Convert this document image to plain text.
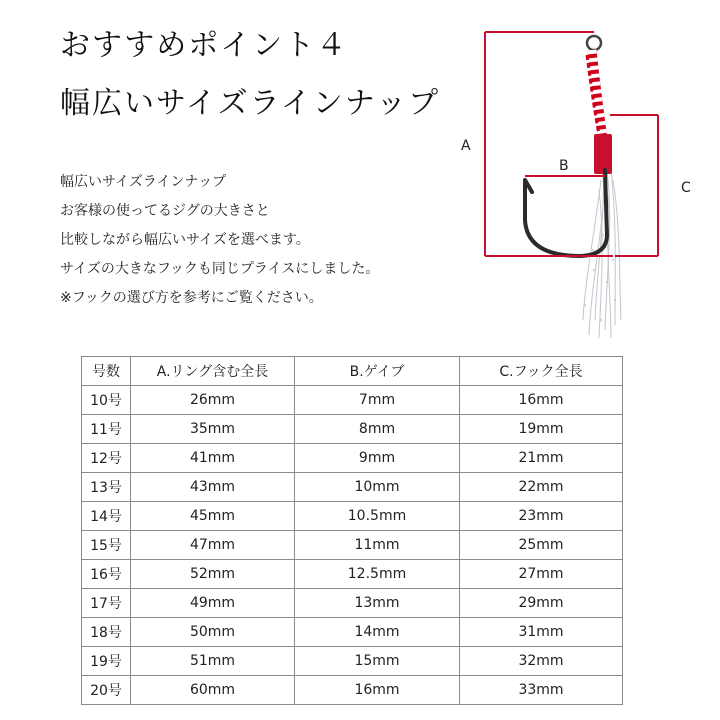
おすすめポイント４
幅広いサイズラインナップ
幅広いサイズラインナップ
お客様の使ってるジグの大きさと
比較しながら幅広いサイズを選べます。
サイズの大きなフックも同じプライスにしました。
※フックの選び方を参考にご覧ください。
A
B
C
号数	A.リング含む全長	B.ゲイブ	C.フック全長
10号	26mm	7mm	16mm
11号	35mm	8mm	19mm
12号	41mm	9mm	21mm
13号	43mm	10mm	22mm
14号	45mm	10.5mm	23mm
15号	47mm	11mm	25mm
16号	52mm	12.5mm	27mm
17号	49mm	13mm	29mm
18号	50mm	14mm	31mm
19号	51mm	15mm	32mm
20号	60mm	16mm	33mm
